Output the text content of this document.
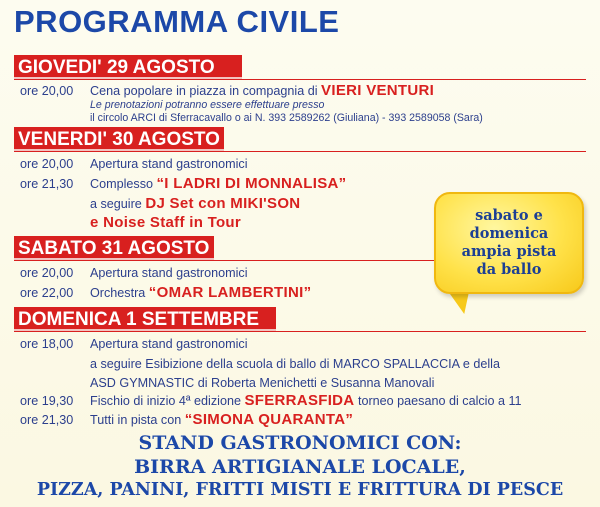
PROGRAMMA CIVILE
GIOVEDI' 29 AGOSTO
ore 20,00 Cena popolare in piazza in compagnia di VIERI VENTURI
Le prenotazioni potranno essere effettuare presso
il circolo ARCI di Sferracavallo o ai N. 393 2589262 (Giuliana) - 393 2589058 (Sara)
VENERDI' 30 AGOSTO
ore 20,00 Apertura stand gastronomici
ore 21,30 Complesso “I LADRI DI MONNALISA”
a seguire DJ Set con MIKI'SON
e Noise Staff in Tour
SABATO 31 AGOSTO
ore 20,00 Apertura stand gastronomici
ore 22,00 Orchestra “OMAR LAMBERTINI”
DOMENICA 1 SETTEMBRE
ore 18,00 Apertura stand gastronomici
a seguire Esibizione della scuola di ballo di MARCO SPALLACCIA e della
ASD GYMNASTIC di Roberta Menichetti e Susanna Manovali
ore 19,30 Fischio di inizio 4ª edizione SFERRASFIDA torneo paesano di calcio a 11
ore 21,30 Tutti in pista con “SIMONA QUARANTA”
sabato e
domenica
ampia pista
da ballo
STAND GASTRONOMICI CON:
BIRRA ARTIGIANALE LOCALE,
PIZZA, PANINI, FRITTI MISTI E FRITTURA DI PESCE
